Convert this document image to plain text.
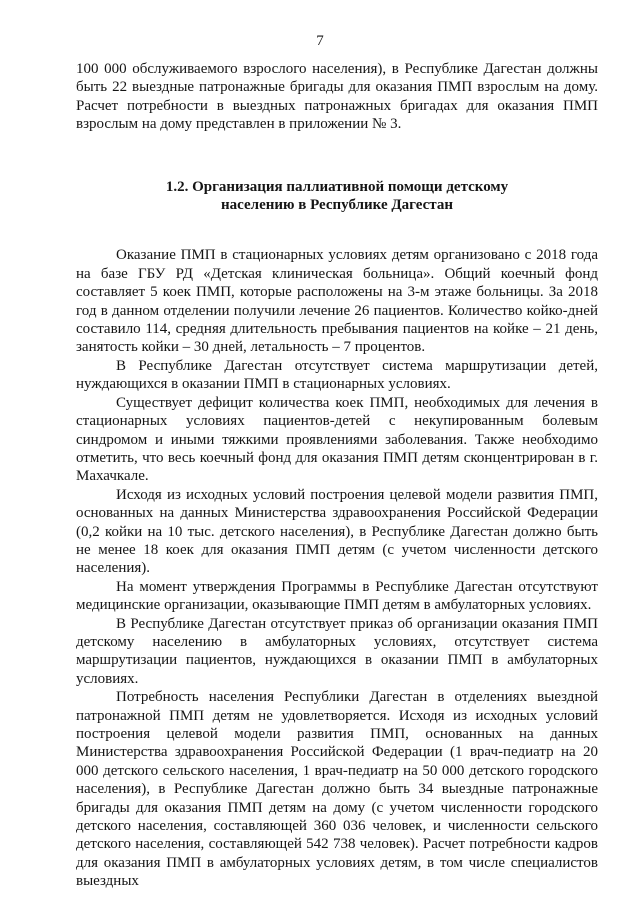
7

100 000 обслуживаемого взрослого населения), в Республике Дагестан должны быть 22 выездные патронажные бригады для оказания ПМП взрослым на дому. Расчет потребности в выездных патронажных бригадах для оказания ПМП взрослым на дому представлен в приложении № 3.

1.2. Организация паллиативной помощи детскому
населению в Республике Дагестан

Оказание ПМП в стационарных условиях детям организовано с 2018 года на базе ГБУ РД «Детская клиническая больница». Общий коечный фонд составляет 5 коек ПМП, которые расположены на 3-м этаже больницы. За 2018 год в данном отделении получили лечение 26 пациентов. Количество койко-дней составило 114, средняя длительность пребывания пациентов на койке – 21 день, занятость койки – 30 дней, летальность – 7 процентов.

В Республике Дагестан отсутствует система маршрутизации детей, нуждающихся в оказании ПМП в стационарных условиях.

Существует дефицит количества коек ПМП, необходимых для лечения в стационарных условиях пациентов-детей с некупированным болевым синдромом и иными тяжкими проявлениями заболевания. Также необходимо отметить, что весь коечный фонд для оказания ПМП детям сконцентрирован в г. Махачкале.

Исходя из исходных условий построения целевой модели развития ПМП, основанных на данных Министерства здравоохранения Российской Федерации (0,2 койки на 10 тыс. детского населения), в Республике Дагестан должно быть не менее 18 коек для оказания ПМП детям (с учетом численности детского населения).

На момент утверждения Программы в Республике Дагестан отсутствуют медицинские организации, оказывающие ПМП детям в амбулаторных условиях.

В Республике Дагестан отсутствует приказ об организации оказания ПМП детскому населению в амбулаторных условиях, отсутствует система маршрутизации пациентов, нуждающихся в оказании ПМП в амбулаторных условиях.

Потребность населения Республики Дагестан в отделениях выездной патронажной ПМП детям не удовлетворяется. Исходя из исходных условий построения целевой модели развития ПМП, основанных на данных Министерства здравоохранения Российской Федерации (1 врач-педиатр на 20 000 детского сельского населения, 1 врач-педиатр на 50 000 детского городского населения), в Республике Дагестан должно быть 34 выездные патронажные бригады для оказания ПМП детям на дому (с учетом численности городского детского населения, составляющей 360 036 человек, и численности сельского детского населения, составляющей 542 738 человек). Расчет потребности кадров для оказания ПМП в амбулаторных условиях детям, в том числе специалистов выездных
